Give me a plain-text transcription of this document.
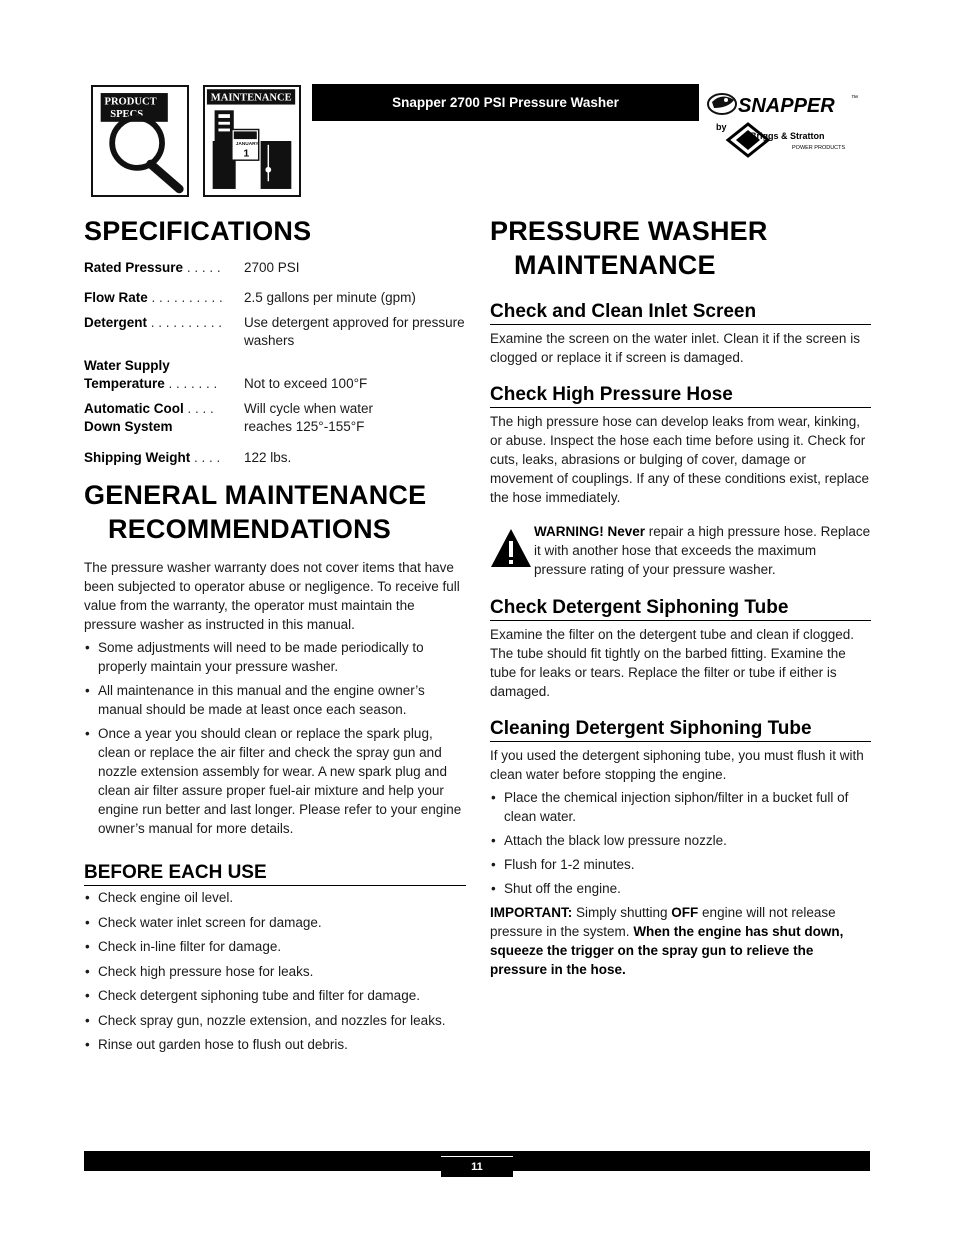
PRODUCT
SPECS
MAINTENANCE
JANUARY
1
Snapper 2700 PSI Pressure Washer	SNAPPER ™
by
Briggs & Stratton
POWER PRODUCTS
SPECIFICATIONS
Rated Pressure . . . . .	2700 PSI
Flow Rate . . . . . . . . . .	2.5 gallons per minute (gpm)
Detergent . . . . . . . . . .	Use detergent approved for pressure washers
Water Supply
Temperature . . . . . . .	Not to exceed 100°F
Automatic Cool . . . .	Will cycle when water
Down System	reaches 125°-155°F
Shipping Weight . . . .	122 lbs.
GENERAL MAINTENANCE
RECOMMENDATIONS

The pressure washer warranty does not cover items that have been subjected to operator abuse or negligence. To receive full value from the warranty, the operator must maintain the pressure washer as instructed in this manual.

• Some adjustments will need to be made periodically to properly maintain your pressure washer.
• All maintenance in this manual and the engine owner’s manual should be made at least once each season.
• Once a year you should clean or replace the spark plug, clean or replace the air filter and check the spray gun and nozzle extension assembly for wear. A new spark plug and clean air filter assure proper fuel-air mixture and help your engine run better and last longer. Please refer to your engine owner’s manual for more details.
BEFORE EACH USE
• Check engine oil level.
• Check water inlet screen for damage.
• Check in-line filter for damage.
• Check high pressure hose for leaks.
• Check detergent siphoning tube and filter for damage.
• Check spray gun, nozzle extension, and nozzles for leaks.
• Rinse out garden hose to flush out debris.
PRESSURE WASHER
MAINTENANCE
Check and Clean Inlet Screen

Examine the screen on the water inlet. Clean it if the screen is clogged or replace it if screen is damaged.

Check High Pressure Hose

The high pressure hose can develop leaks from wear, kinking, or abuse. Inspect the hose each time before using it. Check for cuts, leaks, abrasions or bulging of cover, damage or movement of couplings. If any of these conditions exist, replace the hose immediately.

WARNING! Never repair a high pressure hose. Replace it with another hose that exceeds the maximum pressure rating of your pressure washer.

Check Detergent Siphoning Tube

Examine the filter on the detergent tube and clean if clogged. The tube should fit tightly on the barbed fitting. Examine the tube for leaks or tears. Replace the filter or tube if either is damaged.

Cleaning Detergent Siphoning Tube

If you used the detergent siphoning tube, you must flush it with clean water before stopping the engine.

• Place the chemical injection siphon/filter in a bucket full of clean water.
• Attach the black low pressure nozzle.
• Flush for 1-2 minutes.
• Shut off the engine.

IMPORTANT: Simply shutting OFF engine will not release pressure in the system. When the engine has shut down, squeeze the trigger on the spray gun to relieve the pressure in the hose.

11
